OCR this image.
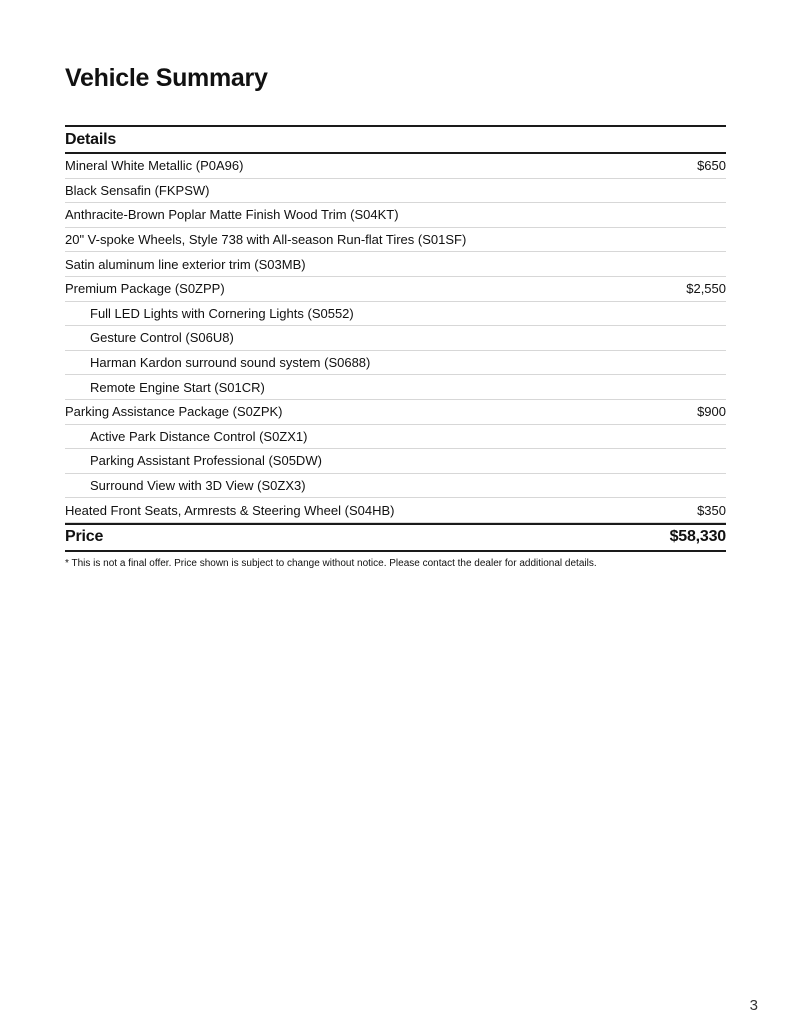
Vehicle Summary
Details
Mineral White Metallic (P0A96)	$650
Black Sensafin (FKPSW)
Anthracite-Brown Poplar Matte Finish Wood Trim (S04KT)
20" V-spoke Wheels, Style 738 with All-season Run-flat Tires (S01SF)
Satin aluminum line exterior trim (S03MB)
Premium Package (S0ZPP)	$2,550
Full LED Lights with Cornering Lights (S0552)
Gesture Control (S06U8)
Harman Kardon surround sound system (S0688)
Remote Engine Start (S01CR)
Parking Assistance Package (S0ZPK)	$900
Active Park Distance Control (S0ZX1)
Parking Assistant Professional (S05DW)
Surround View with 3D View (S0ZX3)
Heated Front Seats, Armrests & Steering Wheel (S04HB)	$350
Price	$58,330
* This is not a final offer. Price shown is subject to change without notice. Please contact the dealer for additional details.
3
